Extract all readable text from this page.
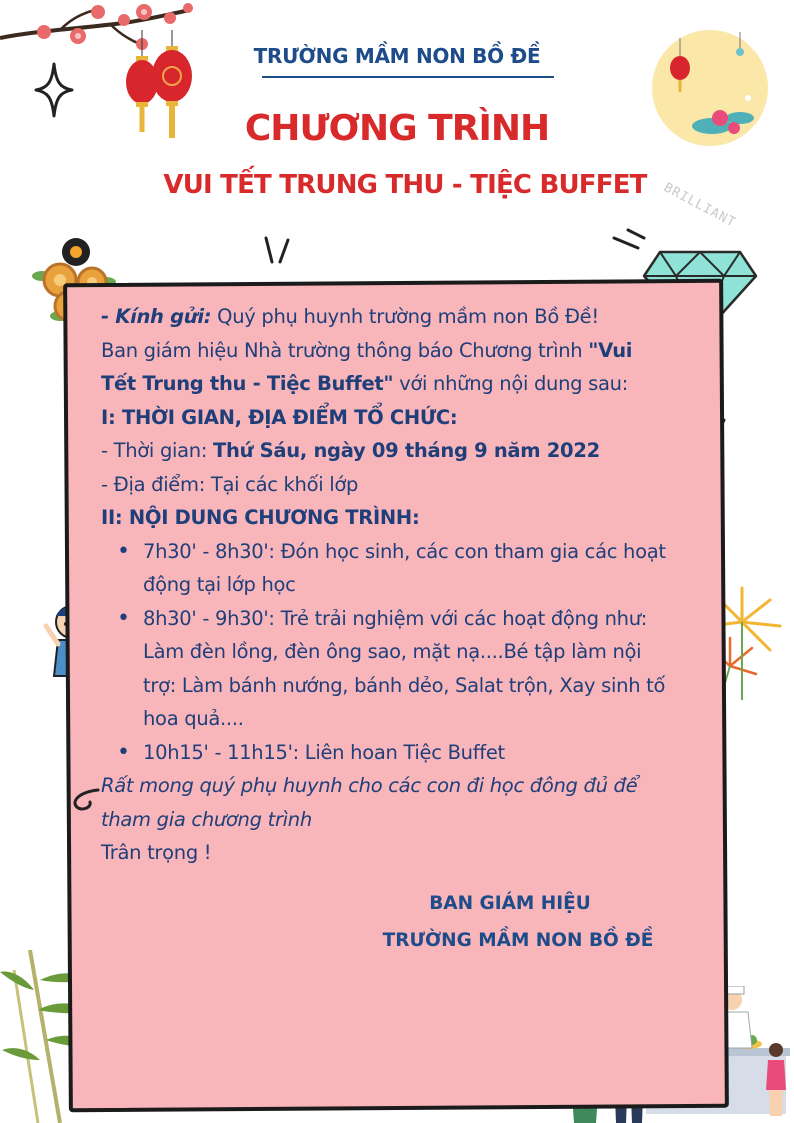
BRILLIANT
TRƯỜNG MẦM NON BỒ ĐỀ
CHƯƠNG TRÌNH
VUI TẾT TRUNG THU - TIỆC BUFFET

- Kính gửi: Quý phụ huynh trường mầm non Bồ Đề!

Ban giám hiệu Nhà trường thông báo Chương trình "Vui

Tết Trung thu - Tiệc Buffet" với những nội dung sau:

I: THỜI GIAN, ĐỊA ĐIỂM TỔ CHỨC:

- Thời gian: Thứ Sáu, ngày 09 tháng 9 năm 2022

- Địa điểm: Tại các khối lớp

II: NỘI DUNG CHƯƠNG TRÌNH:

• 7h30' - 8h30': Đón học sinh, các con tham gia các hoạt

động tại lớp học

• 8h30' - 9h30': Trẻ trải nghiệm với các hoạt động như:

Làm đèn lồng, đèn ông sao, mặt nạ....Bé tập làm nội

trợ: Làm bánh nướng, bánh dẻo, Salat trộn, Xay sinh tố

hoa quả....

• 10h15' - 11h15': Liên hoan Tiệc Buffet

Rất mong quý phụ huynh cho các con đi học đông đủ để

tham gia chương trình

Trân trọng !

BAN GIÁM HIỆU
TRƯỜNG MẦM NON BỒ ĐỀ
